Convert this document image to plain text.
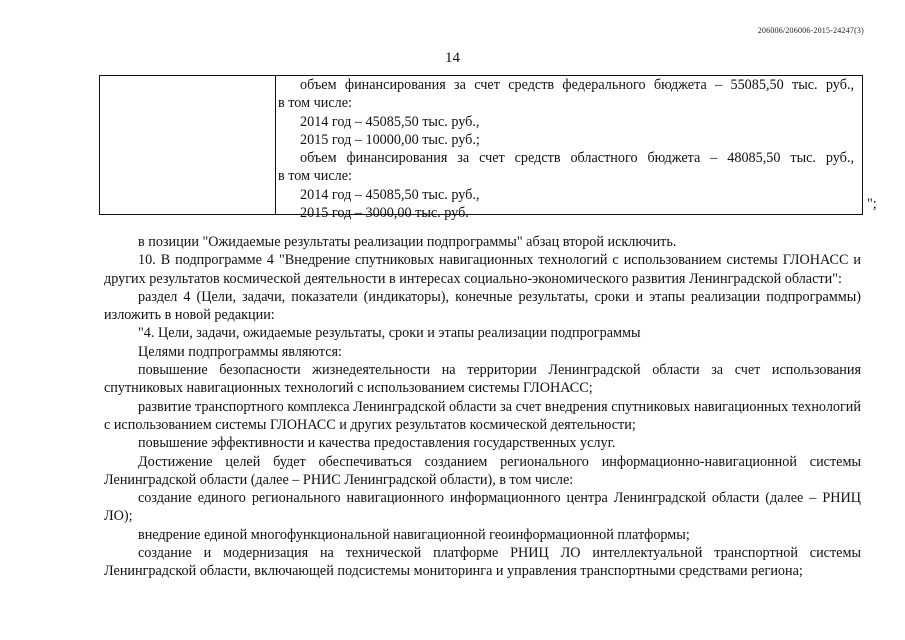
206006/206006-2015-24247(3)
14
объем финансирования за счет средств федерального бюджета – 55085,50 тыс. руб.,
в том числе:
2014 год – 45085,50 тыс. руб.,
2015 год – 10000,00 тыс. руб.;
объем финансирования за счет средств областного бюджета – 48085,50 тыс. руб.,
в том числе:
2014 год – 45085,50 тыс. руб.,
2015 год – 3000,00 тыс. руб.
";

в позиции "Ожидаемые результаты реализации подпрограммы" абзац второй исключить.

10. В подпрограмме 4 "Внедрение спутниковых навигационных технологий с использованием системы ГЛОНАСС и других результатов космической деятельности в интересах социально-экономического развития Ленинградской области":

раздел 4 (Цели, задачи, показатели (индикаторы), конечные результаты, сроки и этапы реализации подпрограммы) изложить в новой редакции:

"4. Цели, задачи, ожидаемые результаты, сроки и этапы реализации подпрограммы

Целями подпрограммы являются:

повышение безопасности жизнедеятельности на территории Ленинградской области за счет использования спутниковых навигационных технологий с использованием системы ГЛОНАСС;

развитие транспортного комплекса Ленинградской области за счет внедрения спутниковых навигационных технологий с использованием системы ГЛОНАСС и других результатов космической деятельности;

повышение эффективности и качества предоставления государственных услуг.

Достижение целей будет обеспечиваться созданием регионального информационно-навигационной системы Ленинградской области (далее – РНИС Ленинградской области), в том числе:

создание единого регионального навигационного информационного центра Ленинградской области (далее – РНИЦ ЛО);

внедрение единой многофункциональной навигационной геоинформационной платформы;

создание и модернизация на технической платформе РНИЦ ЛО интеллектуальной транспортной системы Ленинградской области, включающей подсистемы мониторинга и управления транспортными средствами региона;
